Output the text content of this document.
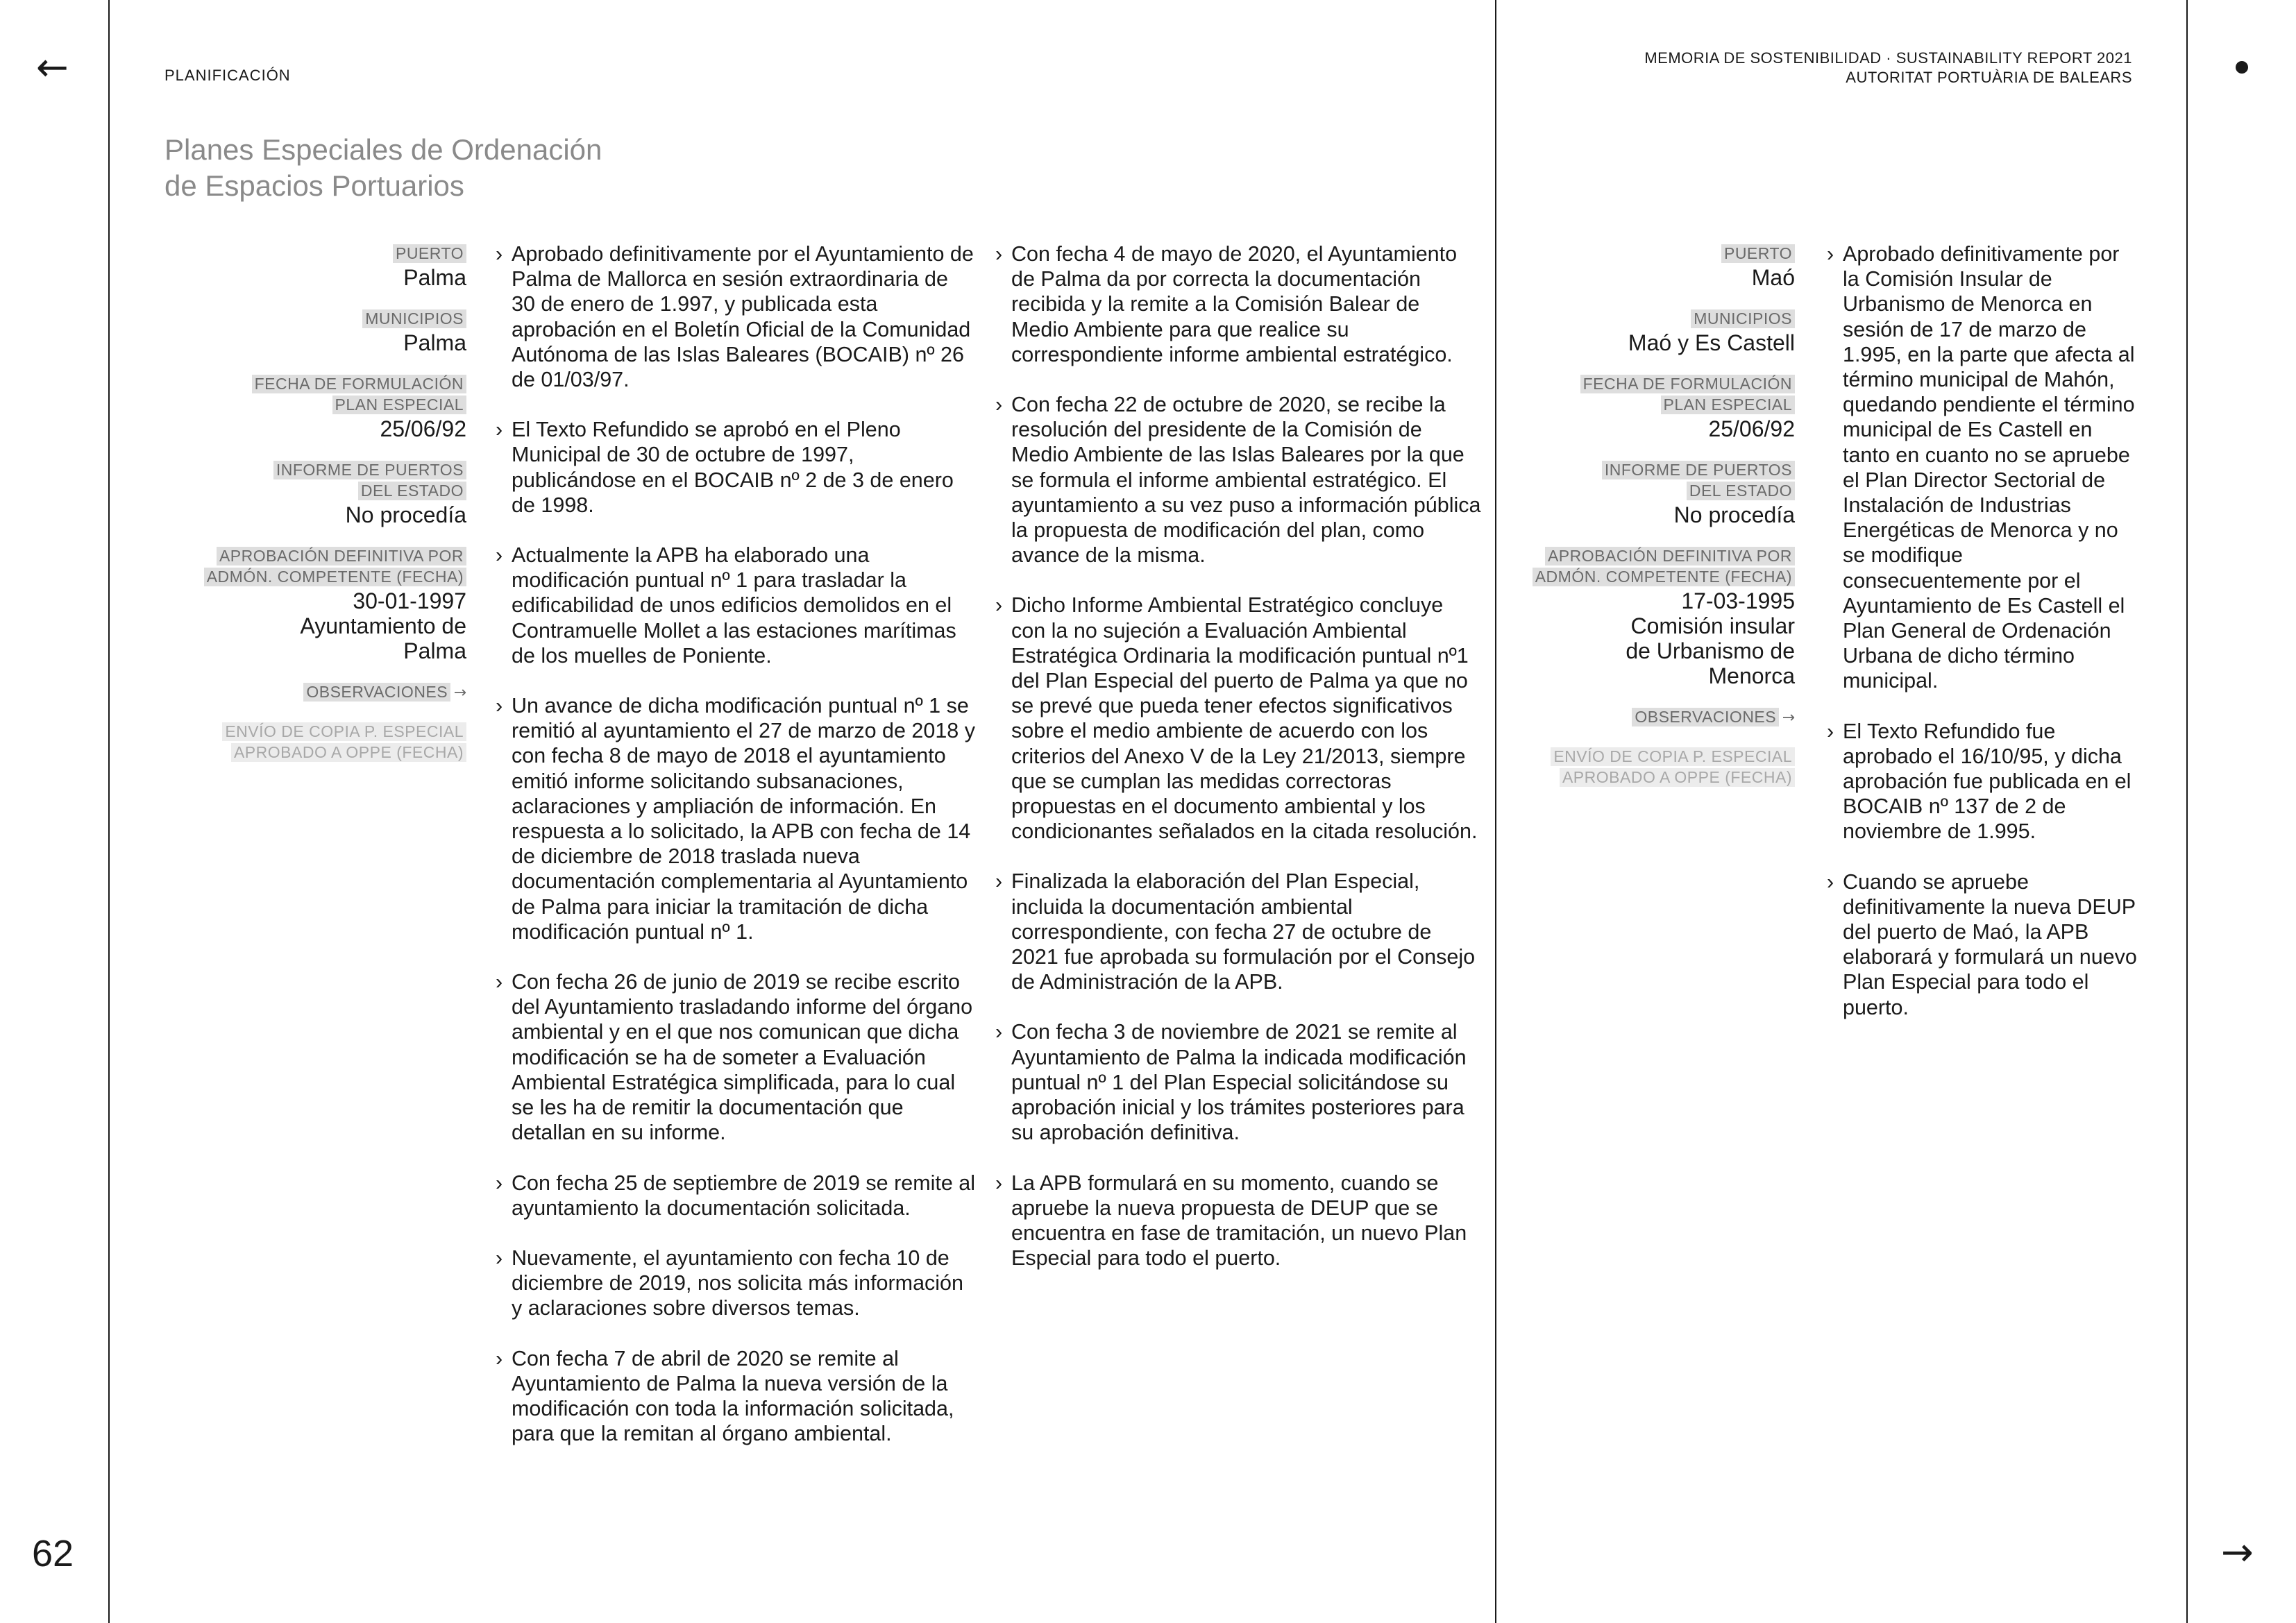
←
→
62
PLANIFICACIÓN
MEMORIA DE SOSTENIBILIDAD · SUSTAINABILITY REPORT 2021
AUTORITAT PORTUÀRIA DE BALEARS
Planes Especiales de Ordenación
de Espacios Portuarios
PUERTO
Palma
MUNICIPIOS
Palma
FECHA DE FORMULACIÓN
PLAN ESPECIAL
25/06/92
INFORME DE PUERTOS
DEL ESTADO
No procedía
APROBACIÓN DEFINITIVA POR
ADMÓN. COMPETENTE (FECHA)
30-01-1997
Ayuntamiento de
Palma
OBSERVACIONES →
ENVÍO DE COPIA P. ESPECIAL
APROBADO A OPPE (FECHA)
› Aprobado definitivamente por el Ayuntamiento de Palma de Mallorca en sesión extraordinaria de 30 de enero de 1.997, y publicada esta aprobación en el Boletín Oficial de la Comunidad Autónoma de las Islas Baleares (BOCAIB) nº 26 de 01/03/97.
› El Texto Refundido se aprobó en el Pleno Municipal de 30 de octubre de 1997, publicándose en el BOCAIB nº 2 de 3 de enero de 1998.
› Actualmente la APB ha elaborado una modificación puntual nº 1 para trasladar la edificabilidad de unos edificios demolidos en el Contramuelle Mollet a las estaciones marítimas de los muelles de Poniente.
› Un avance de dicha modificación puntual nº 1 se remitió al ayuntamiento el 27 de marzo de 2018 y con fecha 8 de mayo de 2018 el ayuntamiento emitió informe solicitando subsanaciones, aclaraciones y ampliación de información. En respuesta a lo solicitado, la APB con fecha de 14 de diciembre de 2018 traslada nueva documentación complementaria al Ayuntamiento de Palma para iniciar la tramitación de dicha modificación puntual nº 1.
› Con fecha 26 de junio de 2019 se recibe escrito del Ayuntamiento trasladando informe del órgano ambiental y en el que nos comunican que dicha modificación se ha de someter a Evaluación Ambiental Estratégica simplificada, para lo cual se les ha de remitir la documentación que detallan en su informe.
› Con fecha 25 de septiembre de 2019 se remite al ayuntamiento la documentación solicitada.
› Nuevamente, el ayuntamiento con fecha 10 de diciembre de 2019, nos solicita más información y aclaraciones sobre diversos temas.
› Con fecha 7 de abril de 2020 se remite al Ayuntamiento de Palma la nueva versión de la modificación con toda la información solicitada, para que la remitan al órgano ambiental.
› Con fecha 4 de mayo de 2020, el Ayuntamiento de Palma da por correcta la documentación recibida y la remite a la Comisión Balear de Medio Ambiente para que realice su correspondiente informe ambiental estratégico.
› Con fecha 22 de octubre de 2020, se recibe la resolución del presidente de la Comisión de Medio Ambiente de las Islas Baleares por la que se formula el informe ambiental estratégico. El ayuntamiento a su vez puso a información pública la propuesta de modificación del plan, como avance de la misma.
› Dicho Informe Ambiental Estratégico concluye con la no sujeción a Evaluación Ambiental Estratégica Ordinaria la modificación puntual nº1 del Plan Especial del puerto de Palma ya que no se prevé que pueda tener efectos significativos sobre el medio ambiente de acuerdo con los criterios del Anexo V de la Ley 21/2013, siempre que se cumplan las medidas correctoras propuestas en el documento ambiental y los condicionantes señalados en la citada resolución.
› Finalizada la elaboración del Plan Especial, incluida la documentación ambiental correspondiente, con fecha 27 de octubre de 2021 fue aprobada su formulación por el Consejo de Administración de la APB.
› Con fecha 3 de noviembre de 2021 se remite al Ayuntamiento de Palma la indicada modificación puntual nº 1 del Plan Especial solicitándose su aprobación inicial y los trámites posteriores para su aprobación definitiva.
› La APB formulará en su momento, cuando se apruebe la nueva propuesta de DEUP que se encuentra en fase de tramitación, un nuevo Plan Especial para todo el puerto.
PUERTO
Maó
MUNICIPIOS
Maó y Es Castell
FECHA DE FORMULACIÓN
PLAN ESPECIAL
25/06/92
INFORME DE PUERTOS
DEL ESTADO
No procedía
APROBACIÓN DEFINITIVA POR
ADMÓN. COMPETENTE (FECHA)
17-03-1995
Comisión insular
de Urbanismo de
Menorca
OBSERVACIONES →
ENVÍO DE COPIA P. ESPECIAL
APROBADO A OPPE (FECHA)
› Aprobado definitivamente por la Comisión Insular de Urbanismo de Menorca en sesión de 17 de marzo de 1.995, en la parte que afecta al término municipal de Mahón, quedando pendiente el término municipal de Es Castell en tanto en cuanto no se apruebe el Plan Director Sectorial de Instalación de Industrias Energéticas de Menorca y no se modifique consecuentemente por el Ayuntamiento de Es Castell el Plan General de Ordenación Urbana de dicho término municipal.
› El Texto Refundido fue aprobado el 16/10/95, y dicha aprobación fue publicada en el BOCAIB nº 137 de 2 de noviembre de 1.995.
› Cuando se apruebe definitivamente la nueva DEUP del puerto de Maó, la APB elaborará y formulará un nuevo Plan Especial para todo el puerto.
